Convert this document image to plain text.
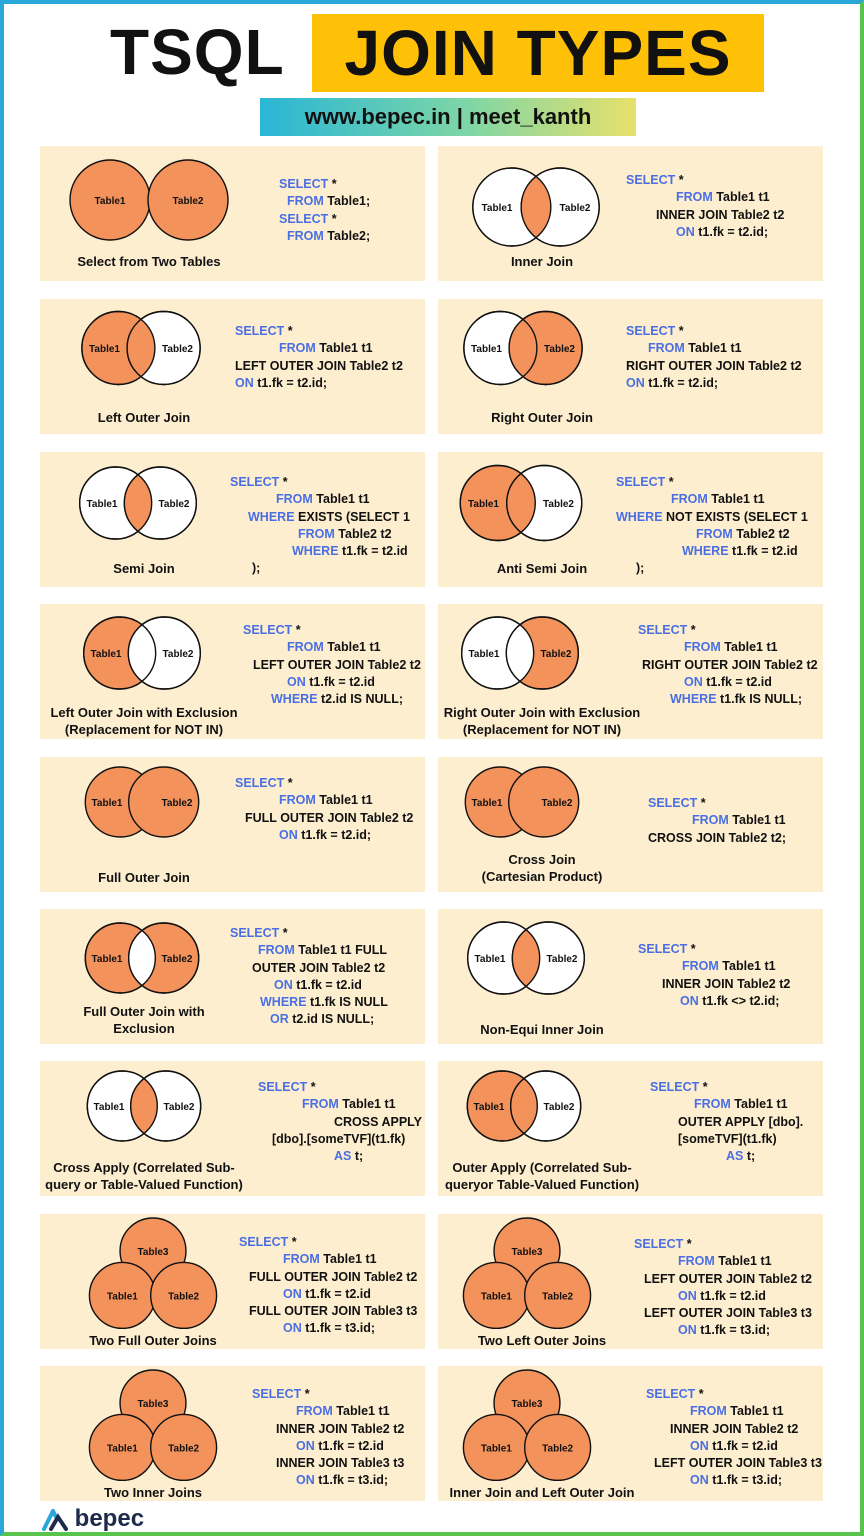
TSQL JOIN TYPES
www.bepec.in | meet_kanth
Table1	Table2
Select from Two Tables
SELECT *
FROM Table1;
SELECT *
FROM Table2;
Table1	Table2
Inner Join
SELECT *
FROM Table1 t1
INNER JOIN Table2 t2
ON t1.fk = t2.id;
Table1	Table2
Left Outer Join
SELECT *
FROM Table1 t1
LEFT OUTER JOIN Table2 t2
ON t1.fk = t2.id;
Table1	Table2
Right Outer Join
SELECT *
FROM Table1 t1
RIGHT OUTER JOIN Table2 t2
ON t1.fk = t2.id;
Table1	Table2
Semi Join
SELECT *
FROM Table1 t1
WHERE EXISTS (SELECT 1
FROM Table2 t2
WHERE t1.fk = t2.id
);
Table1	Table2
Anti Semi Join
SELECT *
FROM Table1 t1
WHERE NOT EXISTS (SELECT 1
FROM Table2 t2
WHERE t1.fk = t2.id
);
Table1	Table2
Left Outer Join with Exclusion
(Replacement for NOT IN)
SELECT *
FROM Table1 t1
LEFT OUTER JOIN Table2 t2
ON t1.fk = t2.id
WHERE t2.id IS NULL;
Table1	Table2
Right Outer Join with Exclusion
(Replacement for NOT IN)
SELECT *
FROM Table1 t1
RIGHT OUTER JOIN Table2 t2
ON t1.fk = t2.id
WHERE t1.fk IS NULL;
Table1	Table2
Full Outer Join
SELECT *
FROM Table1 t1
FULL OUTER JOIN Table2 t2
ON t1.fk = t2.id;
Table1	Table2
Cross Join
(Cartesian Product)
SELECT *
FROM Table1 t1
CROSS JOIN Table2 t2;
Table1	Table2
Full Outer Join with
Exclusion
SELECT *
FROM Table1 t1 FULL
OUTER JOIN Table2 t2
ON t1.fk = t2.id
WHERE t1.fk IS NULL
OR t2.id IS NULL;
Table1	Table2
Non-Equi Inner Join
SELECT *
FROM Table1 t1
INNER JOIN Table2 t2
ON t1.fk <> t2.id;
Table1	Table2
Cross Apply (Correlated Sub-
query or Table-Valued Function)
SELECT *
FROM Table1 t1
CROSS APPLY
[dbo].[someTVF](t1.fk)
AS t;
Table1	Table2
Outer Apply (Correlated Sub-
queryor Table-Valued Function)
SELECT *
FROM Table1 t1
OUTER APPLY [dbo].
[someTVF](t1.fk)
AS t;
Table1	Table2
Table3
Two Full Outer Joins
SELECT *
FROM Table1 t1
FULL OUTER JOIN Table2 t2
ON t1.fk = t2.id
FULL OUTER JOIN Table3 t3
ON t1.fk = t3.id;
Table1	Table2
Table3
Two Left Outer Joins
SELECT *
FROM Table1 t1
LEFT OUTER JOIN Table2 t2
ON t1.fk = t2.id
LEFT OUTER JOIN Table3 t3
ON t1.fk = t3.id;
Table1	Table2
Table3
Two Inner Joins
SELECT *
FROM Table1 t1
INNER JOIN Table2 t2
ON t1.fk = t2.id
INNER JOIN Table3 t3
ON t1.fk = t3.id;
Table1	Table2
Table3
Inner Join and Left Outer Join
SELECT *
FROM Table1 t1
INNER JOIN Table2 t2
ON t1.fk = t2.id
LEFT OUTER JOIN Table3 t3
ON t1.fk = t3.id;
bepec
